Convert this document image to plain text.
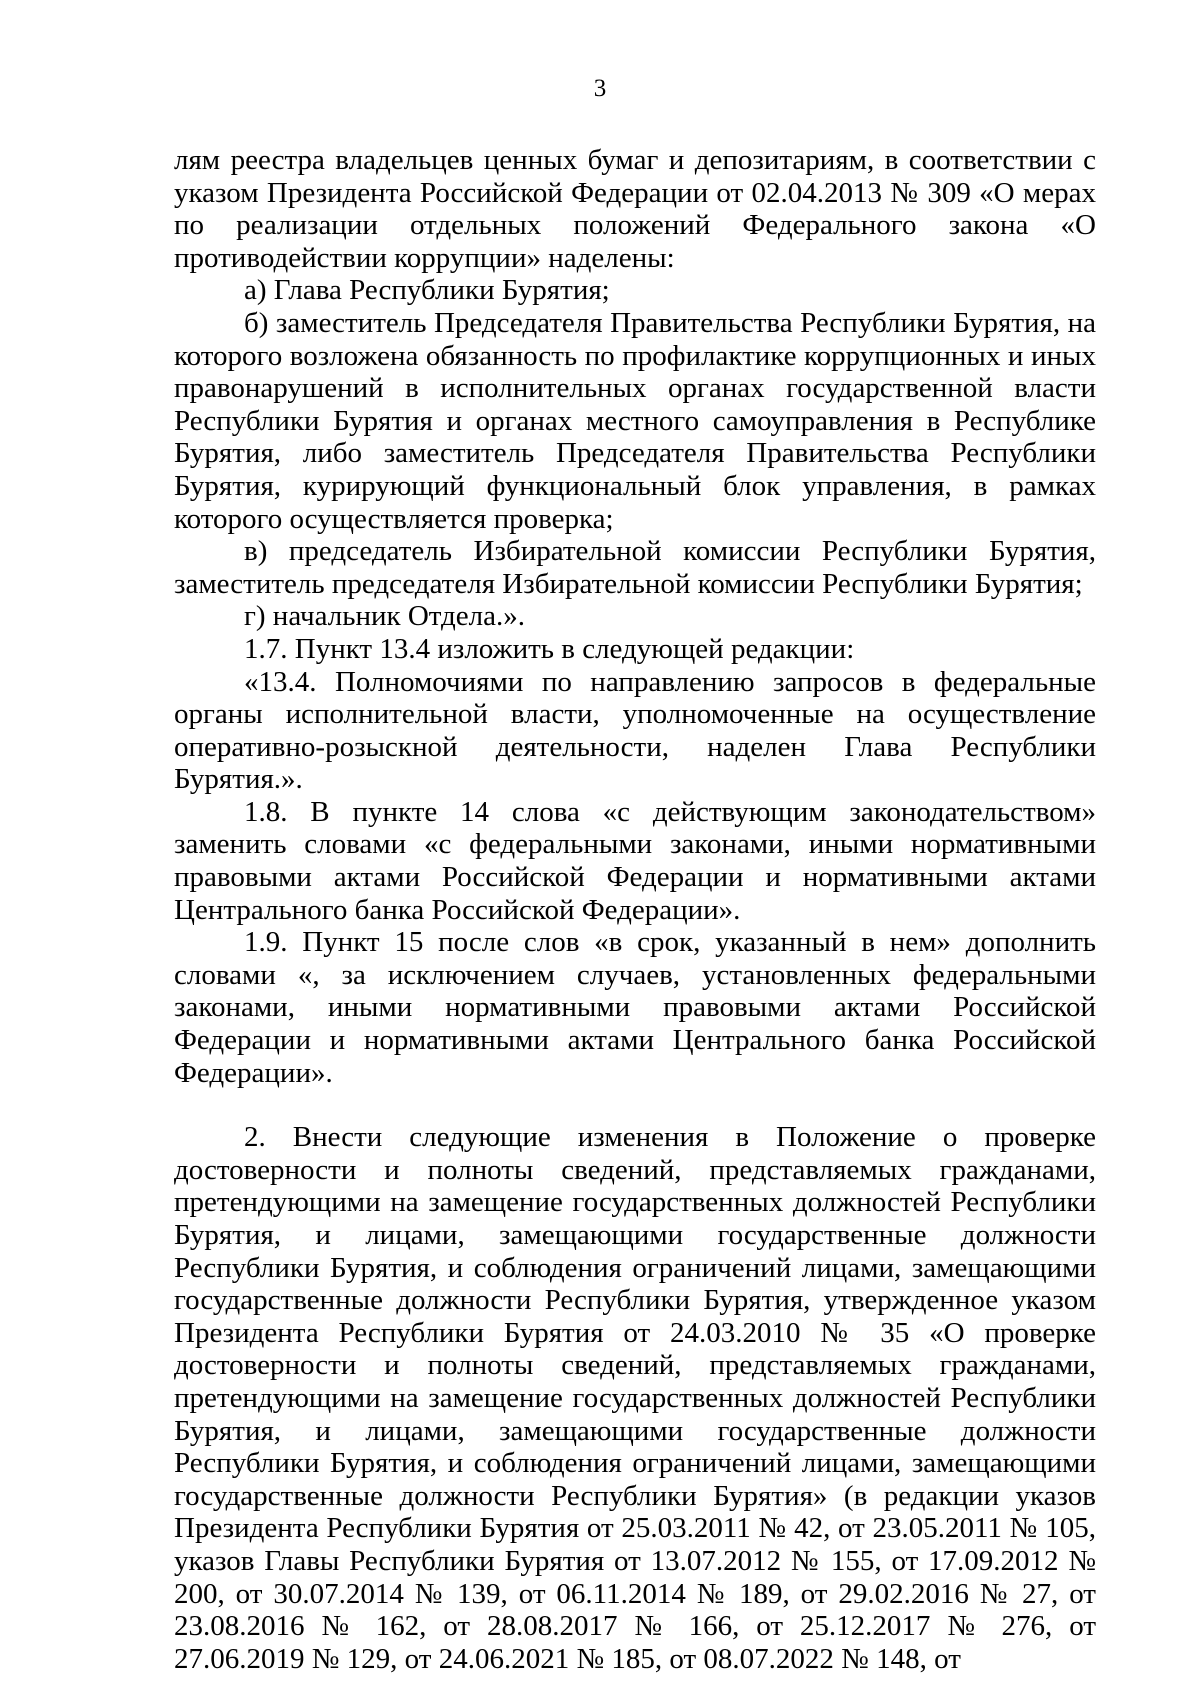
3

лям реестра владельцев ценных бумаг и депозитариям, в соответствии с указом Президента Российской Федерации от 02.04.2013 № 309 «О мерах по реализации отдельных положений Федерального закона «О противодействии коррупции» наделены:

а) Глава Республики Бурятия;

б) заместитель Председателя Правительства Республики Бурятия, на которого возложена обязанность по профилактике коррупционных и иных правонарушений в исполнительных органах государственной власти Республики Бурятия и органах местного самоуправления в Республике Бурятия, либо заместитель Председателя Правительства Республики Бурятия, курирующий функциональный блок управления, в рамках которого осуществляется проверка;

в) председатель Избирательной комиссии Республики Бурятия, заместитель председателя Избирательной комиссии Республики Бурятия;

г) начальник Отдела.».

1.7. Пункт 13.4 изложить в следующей редакции:

«13.4. Полномочиями по направлению запросов в федеральные органы исполнительной власти, уполномоченные на осуществление оперативно-розыскной деятельности, наделен Глава Республики Бурятия.».

1.8. В пункте 14 слова «с действующим законодательством» заменить словами «с федеральными законами, иными нормативными правовыми актами Российской Федерации и нормативными актами Центрального банка Российской Федерации».

1.9. Пункт 15 после слов «в срок, указанный в нем» дополнить словами «, за исключением случаев, установленных федеральными законами, иными нормативными правовыми актами Российской Федерации и нормативными актами Центрального банка Российской Федерации».

2. Внести следующие изменения в Положение о проверке достоверности и полноты сведений, представляемых гражданами, претендующими на замещение государственных должностей Республики Бурятия, и лицами, замещающими государственные должности Республики Бурятия, и соблюдения ограничений лицами, замещающими государственные должности Республики Бурятия, утвержденное указом Президента Республики Бурятия от 24.03.2010 № 35 «О проверке достоверности и полноты сведений, представляемых гражданами, претендующими на замещение государственных должностей Республики Бурятия, и лицами, замещающими государственные должности Республики Бурятия, и соблюдения ограничений лицами, замещающими государственные должности Республики Бурятия» (в редакции указов Президента Республики Бурятия от 25.03.2011 № 42, от 23.05.2011 № 105, указов Главы Республики Бурятия от 13.07.2012 № 155, от 17.09.2012 № 200, от 30.07.2014 № 139, от 06.11.2014 № 189, от 29.02.2016 № 27, от 23.08.2016 № 162, от 28.08.2017 № 166, от 25.12.2017 № 276, от 27.06.2019 № 129, от 24.06.2021 № 185, от 08.07.2022 № 148, от
